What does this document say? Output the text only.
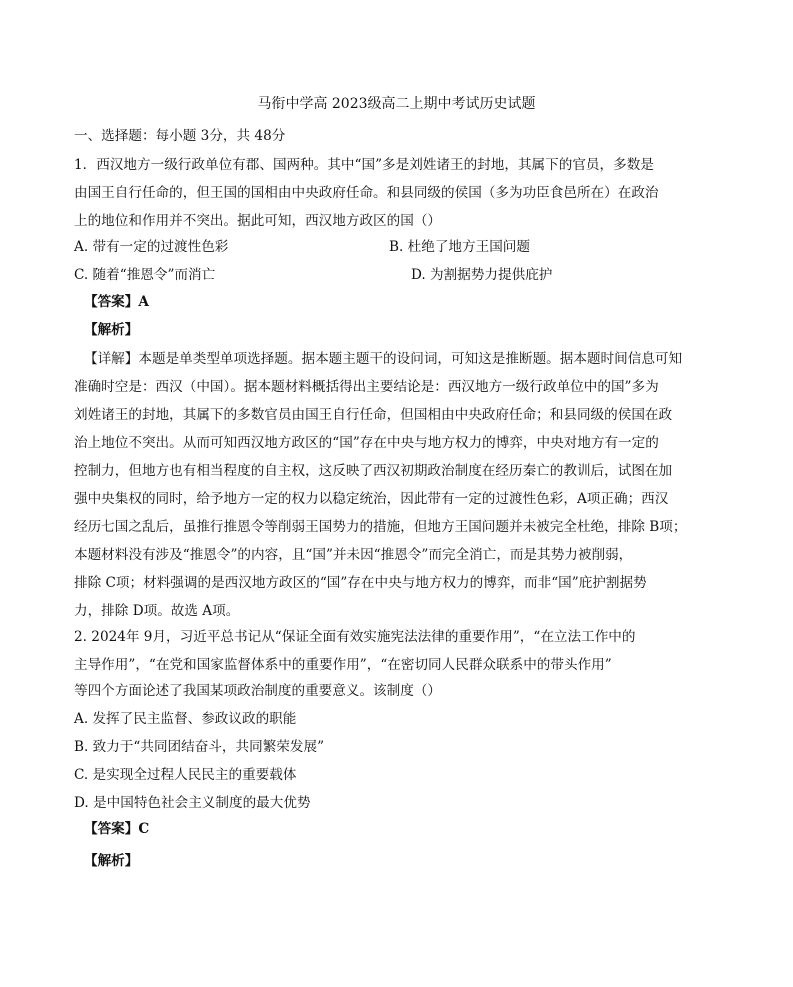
马衔中学高 2023级高二上期中考试历史试题
一、选择题：每小题 3分，共 48分
1．西汉地方一级行政单位有郡、国两种。其中“国”多是刘姓诸王的封地，其属下的官员，多数是
由国王自行任命的，但王国的国相由中央政府任命。和县同级的侯国（多为功臣食邑所在）在政治
上的地位和作用并不突出。据此可知，西汉地方政区的国（）
A. 带有一定的过渡性色彩	B. 杜绝了地方王国问题
C. 随着“推恩令”而消亡	D. 为割据势力提供庇护
【答案】A
【解析】
【详解】本题是单类型单项选择题。据本题主题干的设问词，可知这是推断题。据本题时间信息可知
准确时空是：西汉（中国）。据本题材料概括得出主要结论是：西汉地方一级行政单位中的国”多为
刘姓诸王的封地，其属下的多数官员由国王自行任命，但国相由中央政府任命；和县同级的侯国在政
治上地位不突出。从而可知西汉地方政区的“国”存在中央与地方权力的博弈，中央对地方有一定的
控制力，但地方也有相当程度的自主权，这反映了西汉初期政治制度在经历秦亡的教训后，试图在加
强中央集权的同时，给予地方一定的权力以稳定统治，因此带有一定的过渡性色彩，A项正确；西汉
经历七国之乱后，虽推行推恩令等削弱王国势力的措施，但地方王国问题并未被完全杜绝，排除 B项；
本题材料没有涉及“推恩令”的内容，且“国”并未因“推恩令”而完全消亡，而是其势力被削弱，
排除 C项；材料强调的是西汉地方政区的“国”存在中央与地方权力的博弈，而非“国”庇护割据势
力，排除 D项。故选 A项。
2. 2024年 9月，习近平总书记从“保证全面有效实施宪法法律的重要作用”，“在立法工作中的
主导作用”，“在党和国家监督体系中的重要作用”，“在密切同人民群众联系中的带头作用”
等四个方面论述了我国某项政治制度的重要意义。该制度（）
A. 发挥了民主监督、参政议政的职能
B. 致力于“共同团结奋斗，共同繁荣发展”
C. 是实现全过程人民民主的重要载体
D. 是中国特色社会主义制度的最大优势
【答案】C
【解析】
